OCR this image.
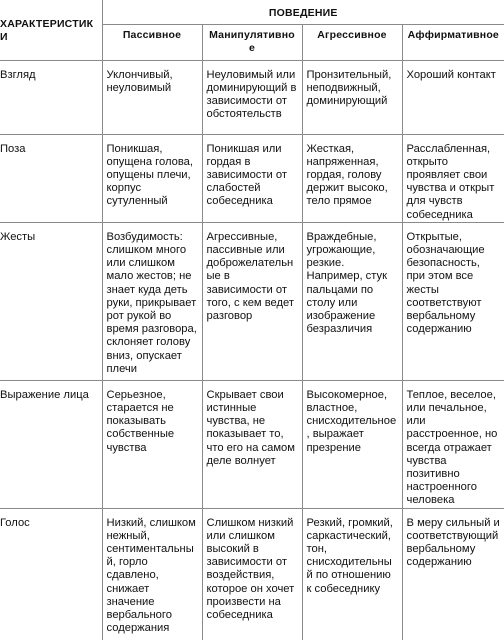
ХАРАКТЕРИСТИКИ	ПОВЕДЕНИЕ			
	Пассивное	Манипулятивное	Агрессивное	Аффирмативное
Взгляд	Уклончивый, неуловимый	Неуловимый или доминирующий в зависимости от обстоятельств	Пронзительный, неподвижный, доминирующий	Хороший контакт
Поза	Поникшая, опущена голова, опущены плечи, корпус сутуленный	Поникшая или гордая в зависимости от слабостей собеседника	Жесткая, напряженная, гордая, голову держит высоко, тело прямое	Расслабленная, открыто проявляет свои чувства и открыт для чувств собеседника
Жесты	Возбудимость: слишком много или слишком мало жестов; не знает куда деть руки, прикрывает рот рукой во время разговора, склоняет голову вниз, опускает плечи	Агрессивные, пассивные или доброжелательные в зависимости от того, с кем ведет разговор	Враждебные, угрожающие, резкие. Например, стук пальцами по столу или изображение безразличия	Открытые, обозначающие безопасность, при этом все жесты соответствуют вербальному содержанию
Выражение лица	Серьезное, старается не показывать собственные чувства	Скрывает свои истинные чувства, не показывает то, что его на самом деле волнует	Высокомерное, властное, снисходительное, выражает презрение	Теплое, веселое, или печальное, или расстроенное, но всегда отражает чувства позитивно настроенного человека
Голос	Низкий, слишком нежный, сентиментальный, горло сдавлено, снижает значение вербального содержания	Слишком низкий или слишком высокий в зависимости от воздействия, которое он хочет произвести на собеседника	Резкий, громкий, саркастический, тон, снисходительный по отношению к собеседнику	В меру сильный и соответствующий вербальному содержанию
